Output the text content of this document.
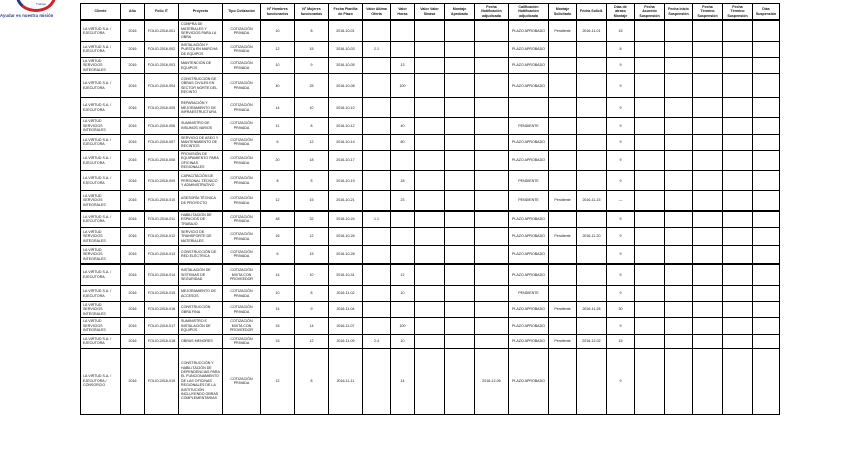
Trabajo
Ayudar es nuestra misión
Cliente	Año	Folio IT	Proyecto	Tipo Cotización	Nº Hombres funcionarios	Nº Mujeres funcionarias	Fecha Planilla de Plazo	Valor Altima Oferta	Valor Horas	Valor Valor Sinasa	Montaje Aprobado	Fecha Notificación adjudicada	Calificación Notificación adjudicada	Montaje Solicitado	Fecha Solicit.	Días de atraso Montaje	Fecha Acuerdo Suspensión	Fecha Inicio Suspensión	Fecha Término Suspensión	Fecha Término Suspensión	Días Suspensión
LA VIRTUD S.A. / EJECUTORA	2016	FOLIO-2016-001	COMPRA DE MATERIALES Y SERVICIOS PARA LA OBRA	COTIZACIÓN PRIVADA	10	8	2016-10-01						PLAZO APROBADO	Pendiente	2016-11-01	15					
LA VIRTUD S.A. / EJECUTORA	2016	FOLIO-2016-002	INSTALACIÓN Y PUESTA EN MARCHA DE EQUIPOS	COTIZACIÓN PRIVADA	12	15	2016-10-03	2.1					PLAZO APROBADO			8					
LA VIRTUD SERVICIOS INTEGRALES	2016	FOLIO-2016-003	MANTENCIÓN DE EQUIPOS	COTIZACIÓN PRIVADA	10	9	2016-10-05		13				PLAZO APROBADO			9					
LA VIRTUD S.A. / EJECUTORA	2016	FOLIO-2016-004	CONSTRUCCIÓN DE OBRAS CIVILES EN SECTOR NORTE DEL RECINTO	COTIZACIÓN PRIVADA	40	25	2016-10-08		100				PLAZO APROBADO			9					
LA VIRTUD S.A. / EJECUTORA	2016	FOLIO-2016-005	REPARACIÓN Y MEJORAMIENTO DE INFRAESTRUCTURA	COTIZACIÓN PRIVADA	14	10	2016-10-10									9					
LA VIRTUD SERVICIOS INTEGRALES	2016	FOLIO-2016-006	SUMINISTRO DE INSUMOS VARIOS	COTIZACIÓN PRIVADA	11	8	2016-10-12		40				PENDIENTE			9					
LA VIRTUD S.A. / EJECUTORA	2016	FOLIO-2016-007	SERVICIO DE ASEO Y MANTENIMIENTO DE RECINTOS	COTIZACIÓN PRIVADA	6	12	2016-10-14		80				PLAZO APROBADO			9					
LA VIRTUD S.A. / EJECUTORA	2016	FOLIO-2016-008	PROVISIÓN DE EQUIPAMIENTO PARA OFICINAS REGIONALES	COTIZACIÓN PRIVADA	20	18	2016-10-17						PLAZO APROBADO			9					
LA VIRTUD S.A. / EJECUTORA	2016	FOLIO-2016-009	CAPACITACIÓN DE PERSONAL TÉCNICO Y ADMINISTRATIVO	COTIZACIÓN PRIVADA	8	5	2016-10-19		18				PENDIENTE			9					
LA VIRTUD SERVICIOS INTEGRALES	2016	FOLIO-2016-010	ASESORÍA TÉCNICA DE PROYECTO	COTIZACIÓN PRIVADA	12	15	2016-10-21		23				PENDIENTE	Pendiente	2016-11-15	—					
LA VIRTUD S.A. / EJECUTORA	2016	FOLIO-2016-011	HABILITACIÓN DE ESPACIOS DE TRABAJO	COTIZACIÓN PRIVADA	48	32	2016-10-24	1.1					PLAZO APROBADO			9					
LA VIRTUD SERVICIOS INTEGRALES	2016	FOLIO-2016-012	SERVICIO DE TRANSPORTE DE MATERIALES	COTIZACIÓN PRIVADA	16	12	2016-10-26						PLAZO APROBADO	Pendiente	2016-11-20	9					
LA VIRTUD SERVICIOS INTEGRALES	2016	FOLIO-2016-013	CONSTRUCCIÓN DE RED ELÉCTRICA	COTIZACIÓN PRIVADA	6	15	2016-10-28						PLAZO APROBADO			9					
LA VIRTUD S.A. / EJECUTORA	2016	FOLIO-2016-014	INSTALACIÓN DE SISTEMAS DE SEGURIDAD	COTIZACIÓN MIXTA CON PROVEEDOR	14	10	2016-10-31		12				PLAZO APROBADO			9					
LA VIRTUD S.A. / EJECUTORA	2016	FOLIO-2016-015	MEJORAMIENTO DE ACCESOS	COTIZACIÓN PRIVADA	10	8	2016-11-02		10				PENDIENTE			9					
LA VIRTUD SERVICIOS INTEGRALES	2016	FOLIO-2016-016	CONSTRUCCIÓN OBRA FINA	COTIZACIÓN PRIVADA	14	9	2016-11-04						PLAZO APROBADO	Pendiente	2016-11-28	30					
LA VIRTUD SERVICIOS INTEGRALES	2016	FOLIO-2016-017	SUMINISTRO E INSTALACIÓN DE EQUIPOS	COTIZACIÓN MIXTA CON PROVEEDOR	15	14	2016-11-07		100				PLAZO APROBADO			9					
LA VIRTUD S.A. / EJECUTORA	2016	FOLIO-2016-018	OBRAS MENORES	COTIZACIÓN PRIVADA	15	12	2016-11-09	2.4	10				PLAZO APROBADO	Pendiente	2016-12-02	15					
LA VIRTUD S.A. / EJECUTORA / CONSORCIO	2016	FOLIO-2016-019	CONSTRUCCIÓN Y HABILITACIÓN DE DEPENDENCIAS PARA EL FUNCIONAMIENTO DE LAS OFICINAS REGIONALES DE LA INSTITUCIÓN INCLUYENDO OBRAS COMPLEMENTARIAS	COTIZACIÓN PRIVADA	12	8	2016-11-11		14			2016-12-06	PLAZO APROBADO			9					
